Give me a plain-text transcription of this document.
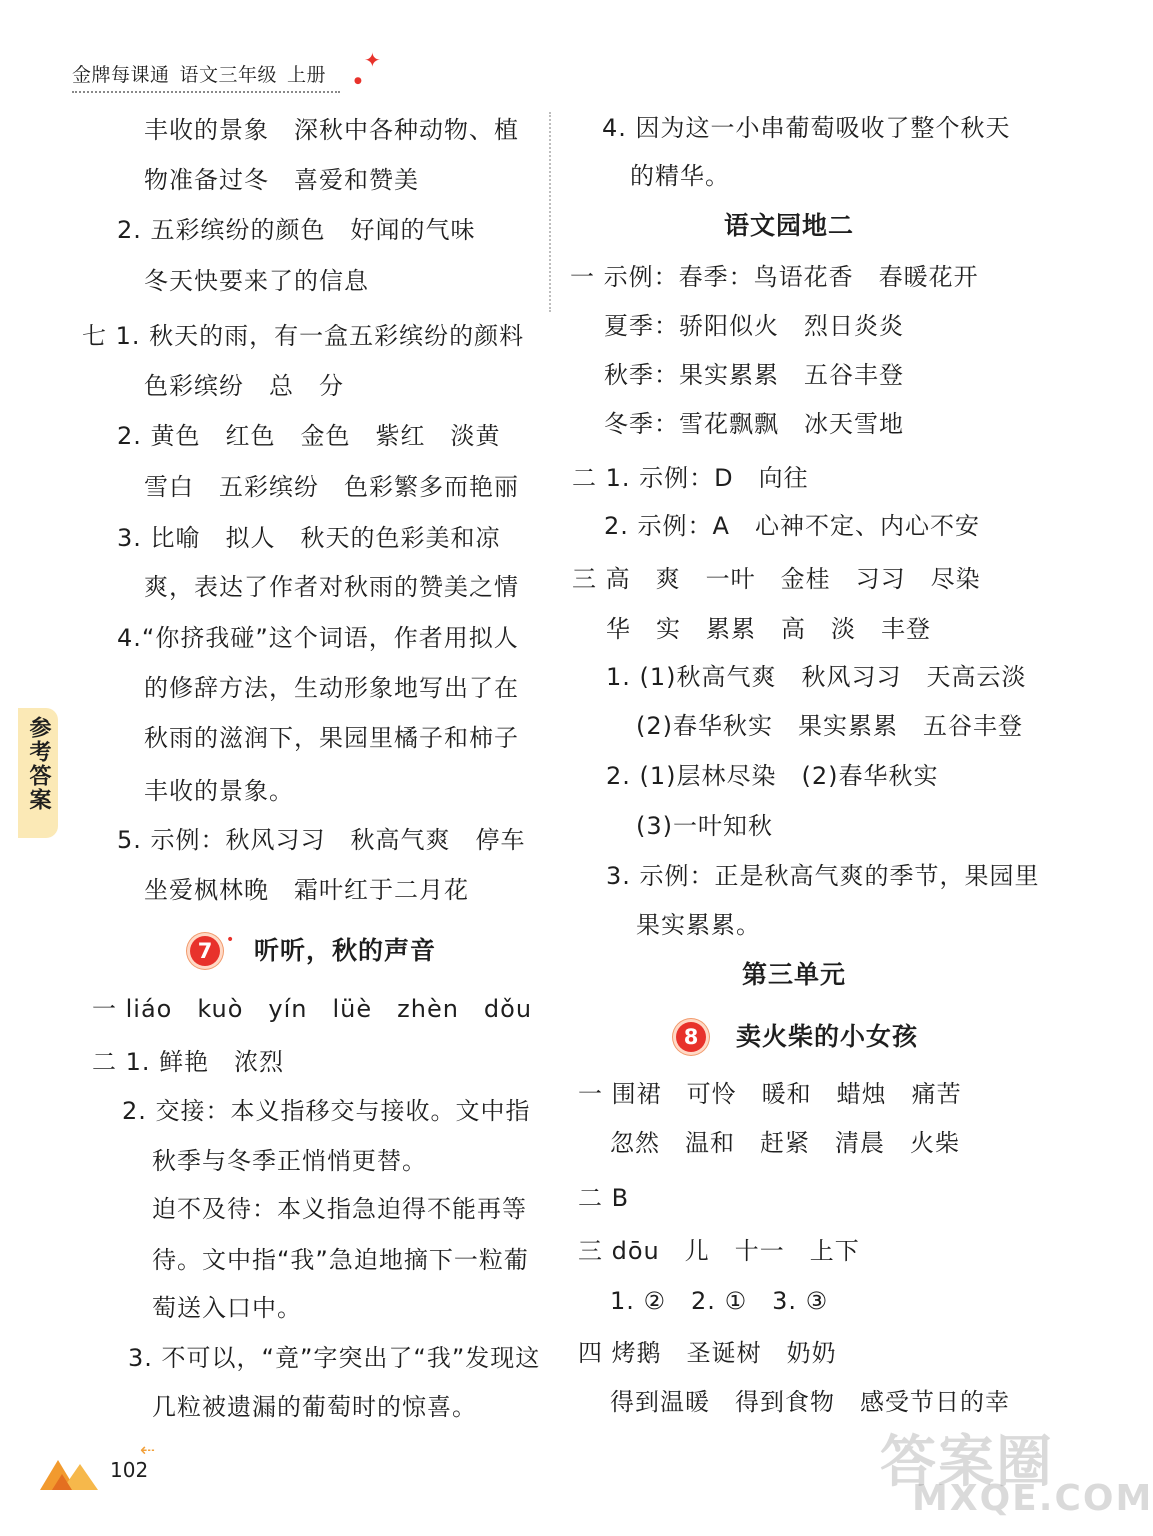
金牌每课通 语文三年级 上册
✦
●
参考答案

丰收的景象　深秋中各种动物、植

物准备过冬　喜爱和赞美

2. 五彩缤纷的颜色　好闻的气味

冬天快要来了的信息

七 1. 秋天的雨，有一盒五彩缤纷的颜料

色彩缤纷　总　分

2. 黄色　红色　金色　紫红　淡黄

雪白　五彩缤纷　色彩繁多而艳丽

3. 比喻　拟人　秋天的色彩美和凉

爽，表达了作者对秋雨的赞美之情

4.“你挤我碰”这个词语，作者用拟人

的修辞方法，生动形象地写出了在

秋雨的滋润下，果园里橘子和柿子

丰收的景象。

5. 示例：秋风习习　秋高气爽　停车

坐爱枫林晚　霜叶红于二月花

7 • 听听，秋的声音

一 liáo　kuò　yín　lüè　zhèn　dǒu

二 1. 鲜艳　浓烈

2. 交接：本义指移交与接收。文中指

秋季与冬季正悄悄更替。

迫不及待：本义指急迫得不能再等

待。文中指“我”急迫地摘下一粒葡

萄送入口中。

3. 不可以，“竟”字突出了“我”发现这

几粒被遗漏的葡萄时的惊喜。

4. 因为这一小串葡萄吸收了整个秋天

的精华。

语文园地二

一 示例：春季：鸟语花香　春暖花开

夏季：骄阳似火　烈日炎炎

秋季：果实累累　五谷丰登

冬季：雪花飘飘　冰天雪地

二 1. 示例：D　向往

2. 示例：A　心神不定、内心不安

三 高　爽　一叶　金桂　习习　尽染

华　实　累累　高　淡　丰登

1. (1)秋高气爽　秋风习习　天高云淡

(2)春华秋实　果实累累　五谷丰登

2. (1)层林尽染　(2)春华秋实

(3)一叶知秋

3. 示例：正是秋高气爽的季节，果园里

果实累累。

第三单元

8	卖火柴的小女孩

一 围裙　可怜　暖和　蜡烛　痛苦

忽然　温和　赶紧　清晨　火柴

二 B

三 dōu　儿　十一　上下

1. ②　2. ①　3. ③

四 烤鹅　圣诞树　奶奶

得到温暖　得到食物　感受节日的幸

102
⇠	答案圈
MXQE.COM
